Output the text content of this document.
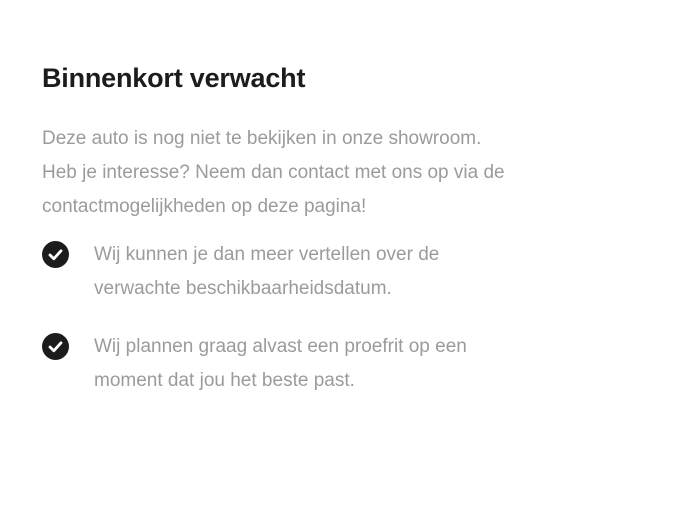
Binnenkort verwacht

Deze auto is nog niet te bekijken in onze showroom.
Heb je interesse? Neem dan contact met ons op via de
contactmogelijkheden op deze pagina!

Wij kunnen je dan meer vertellen over de
verwachte beschikbaarheidsdatum.
Wij plannen graag alvast een proefrit op een
moment dat jou het beste past.
